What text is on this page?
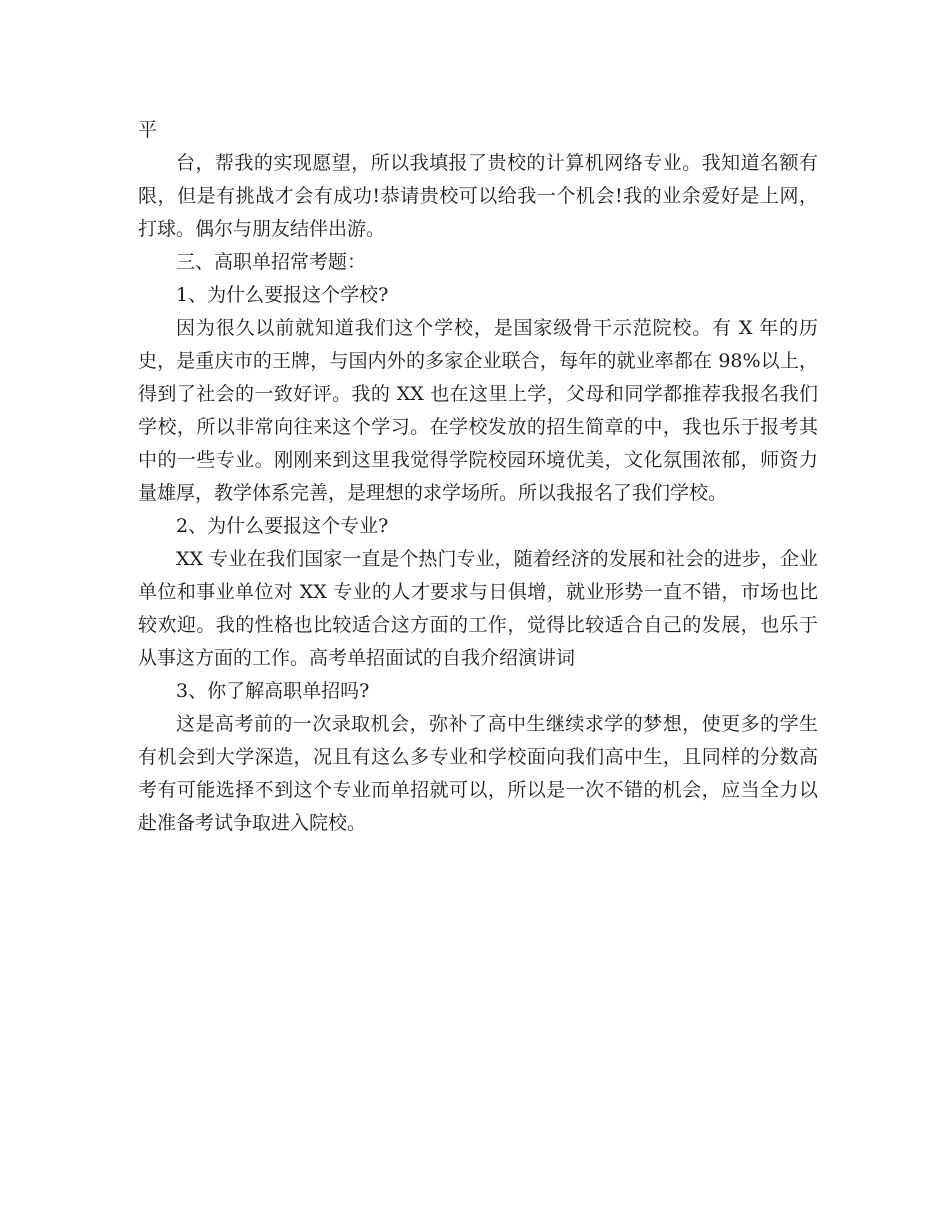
平

台，帮我的实现愿望，所以我填报了贵校的计算机网络专业。我知道名额有限，但是有挑战才会有成功!恭请贵校可以给我一个机会!我的业余爱好是上网，打球。偶尔与朋友结伴出游。

三、高职单招常考题：

1、为什么要报这个学校?

因为很久以前就知道我们这个学校，是国家级骨干示范院校。有 X 年的历史，是重庆市的王牌，与国内外的多家企业联合，每年的就业率都在 98%以上，得到了社会的一致好评。我的 XX 也在这里上学，父母和同学都推荐我报名我们学校，所以非常向往来这个学习。在学校发放的招生简章的中，我也乐于报考其中的一些专业。刚刚来到这里我觉得学院校园环境优美，文化氛围浓郁，师资力量雄厚，教学体系完善，是理想的求学场所。所以我报名了我们学校。

2、为什么要报这个专业?

XX 专业在我们国家一直是个热门专业，随着经济的发展和社会的进步，企业单位和事业单位对 XX 专业的人才要求与日俱增，就业形势一直不错，市场也比较欢迎。我的性格也比较适合这方面的工作，觉得比较适合自己的发展，也乐于从事这方面的工作。高考单招面试的自我介绍演讲词

3、你了解高职单招吗?

这是高考前的一次录取机会，弥补了高中生继续求学的梦想，使更多的学生有机会到大学深造，况且有这么多专业和学校面向我们高中生，且同样的分数高考有可能选择不到这个专业而单招就可以，所以是一次不错的机会，应当全力以赴准备考试争取进入院校。
